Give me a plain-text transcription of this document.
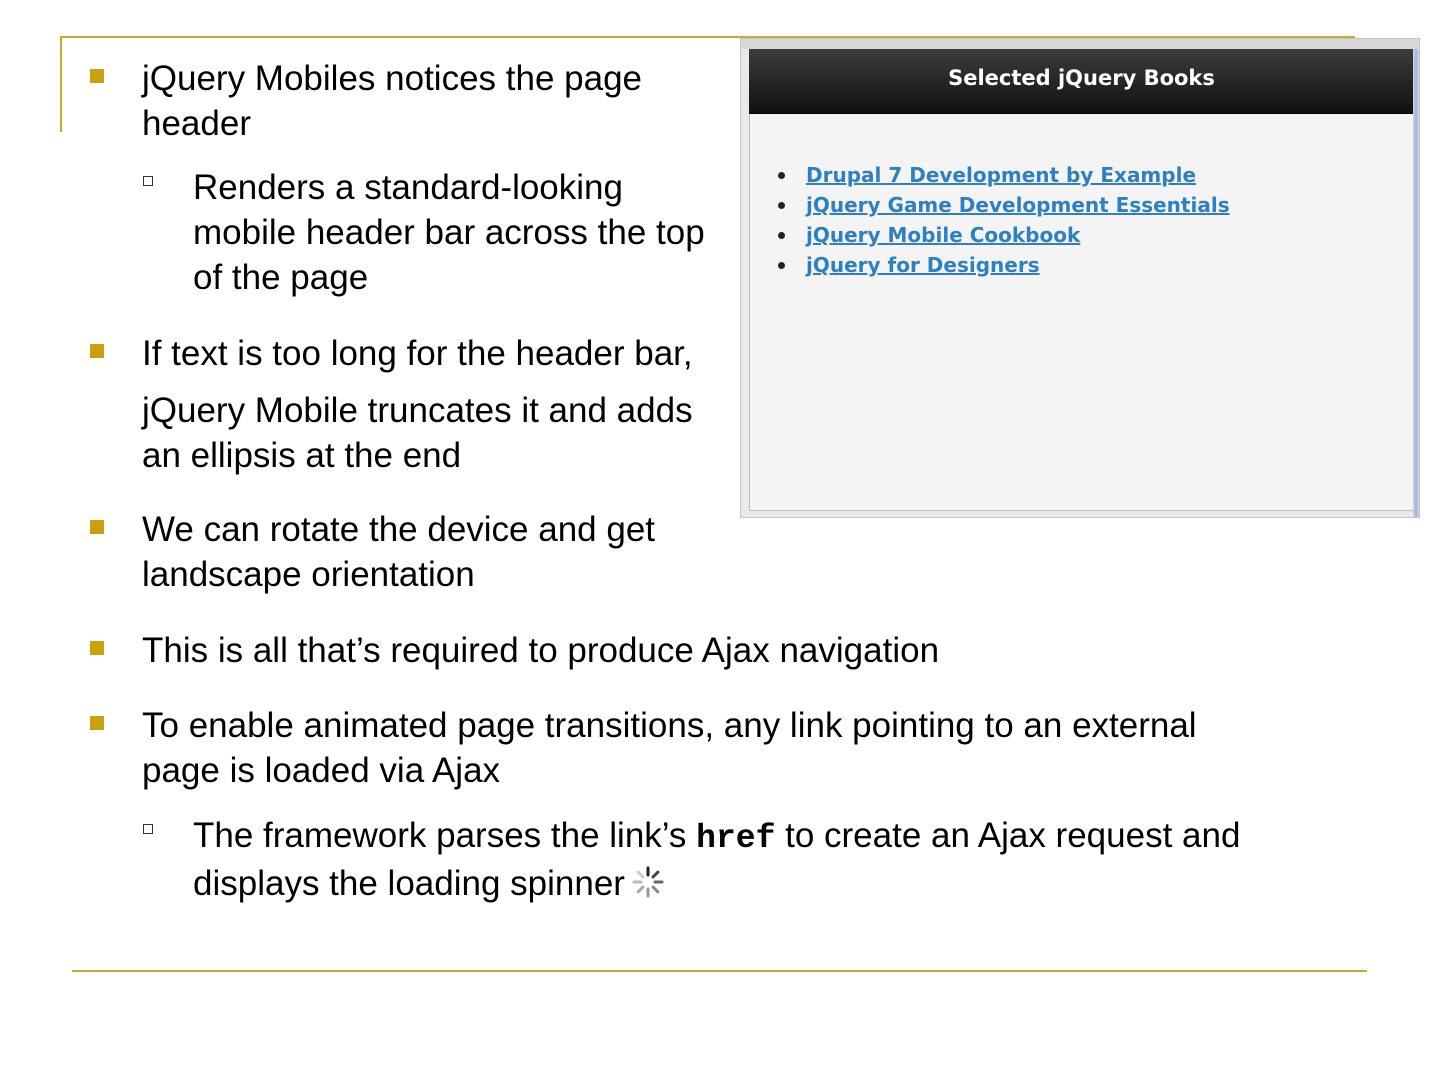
jQuery Mobiles notices the page
header
Renders a standard-looking
mobile header bar across the top
of the page
If text is too long for the header bar,
jQuery Mobile truncates it and adds
an ellipsis at the end
We can rotate the device and get
landscape orientation
This is all that’s required to produce Ajax navigation
To enable animated page transitions, any link pointing to an external
page is loaded via Ajax
The framework parses the link’s href to create an Ajax request and
displays the loading spinner
Selected jQuery Books
Drupal 7 Development by Example
jQuery Game Development Essentials
jQuery Mobile Cookbook
jQuery for Designers
